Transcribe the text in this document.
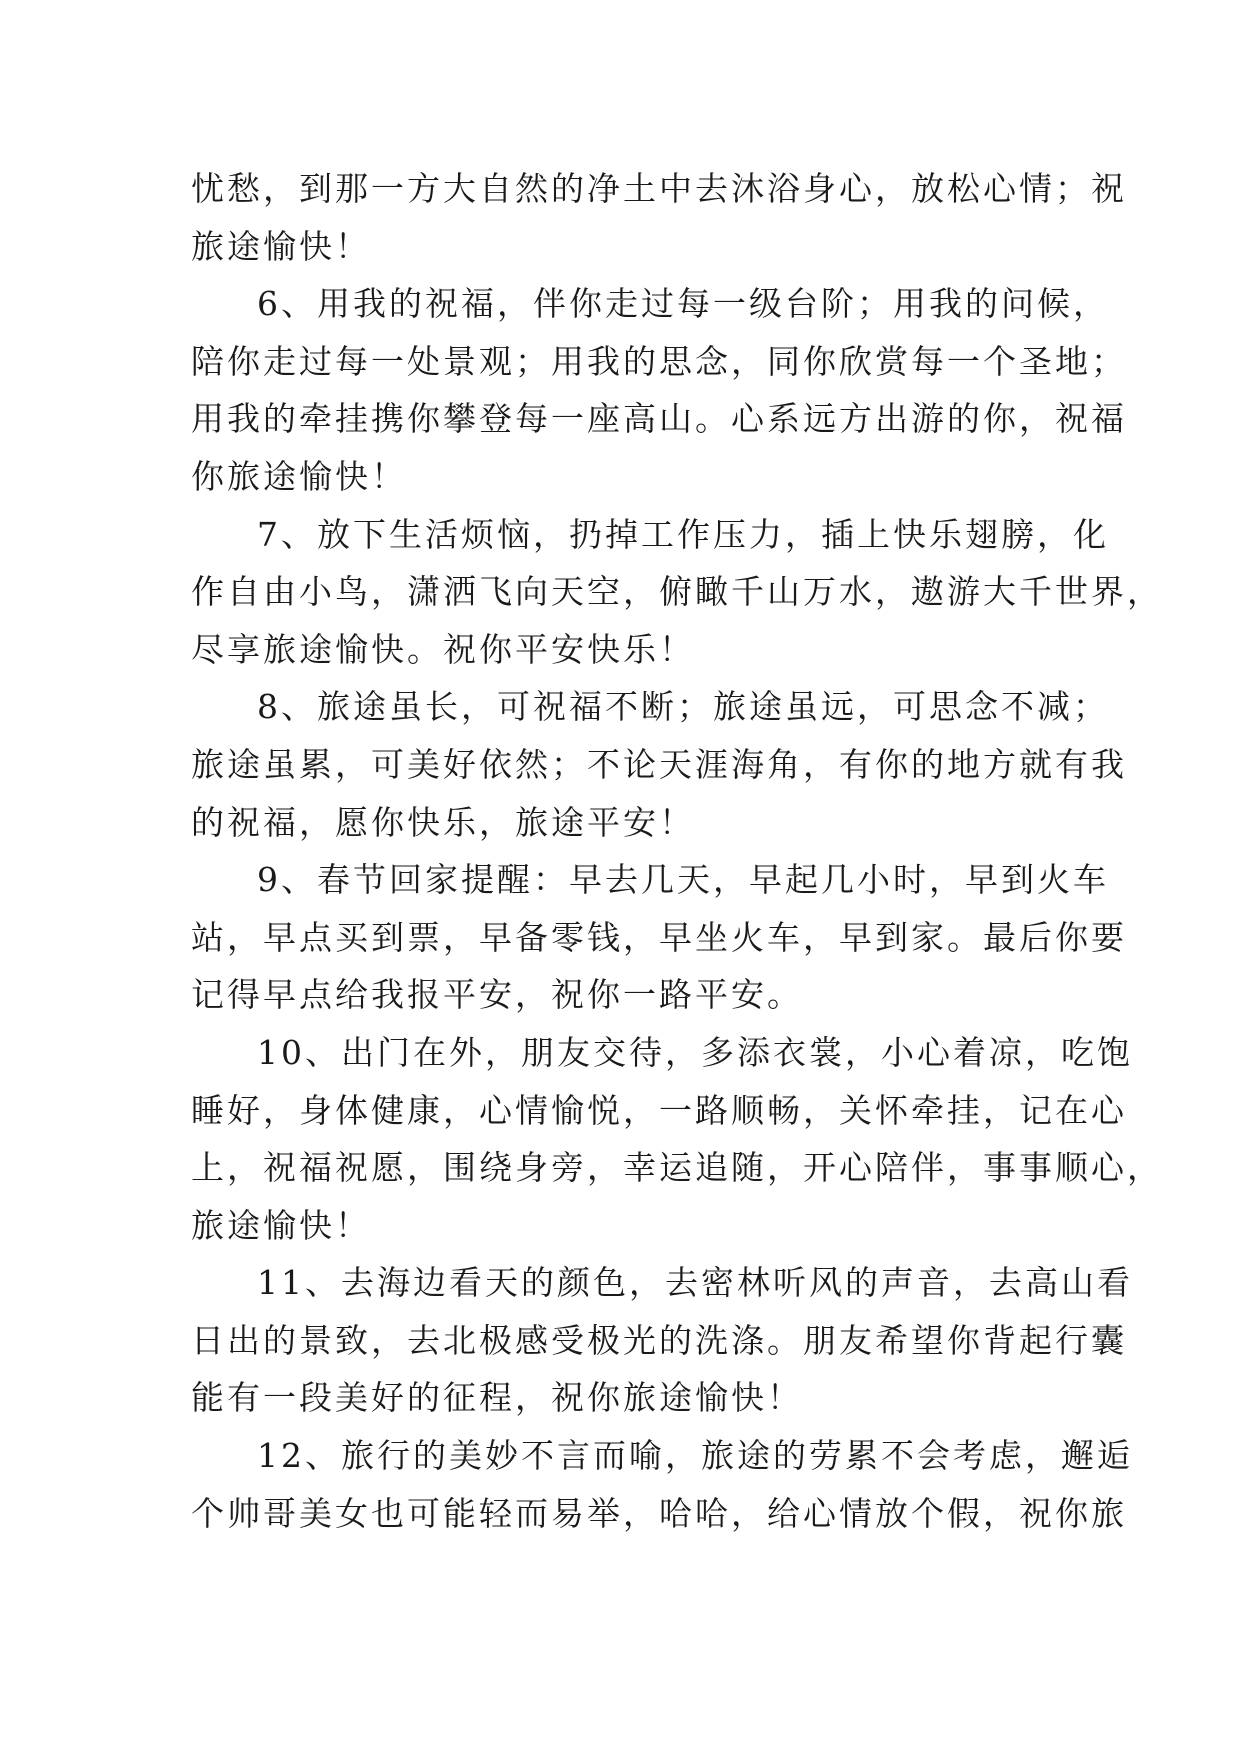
忧愁，到那一方大自然的净土中去沐浴身心，放松心情；祝
旅途愉快！
6、用我的祝福，伴你走过每一级台阶；用我的问候，
陪你走过每一处景观；用我的思念，同你欣赏每一个圣地；
用我的牵挂携你攀登每一座高山。心系远方出游的你，祝福
你旅途愉快！
7、放下生活烦恼，扔掉工作压力，插上快乐翅膀，化
作自由小鸟，潇洒飞向天空，俯瞰千山万水，遨游大千世界，
尽享旅途愉快。祝你平安快乐！
8、旅途虽长，可祝福不断；旅途虽远，可思念不减；
旅途虽累，可美好依然；不论天涯海角，有你的地方就有我
的祝福，愿你快乐，旅途平安！
9、春节回家提醒：早去几天，早起几小时，早到火车
站，早点买到票，早备零钱，早坐火车，早到家。最后你要
记得早点给我报平安，祝你一路平安。
10、出门在外，朋友交待，多添衣裳，小心着凉，吃饱
睡好，身体健康，心情愉悦，一路顺畅，关怀牵挂，记在心
上，祝福祝愿，围绕身旁，幸运追随，开心陪伴，事事顺心，
旅途愉快！
11、去海边看天的颜色，去密林听风的声音，去高山看
日出的景致，去北极感受极光的洗涤。朋友希望你背起行囊
能有一段美好的征程，祝你旅途愉快！
12、旅行的美妙不言而喻，旅途的劳累不会考虑，邂逅
个帅哥美女也可能轻而易举，哈哈，给心情放个假，祝你旅
